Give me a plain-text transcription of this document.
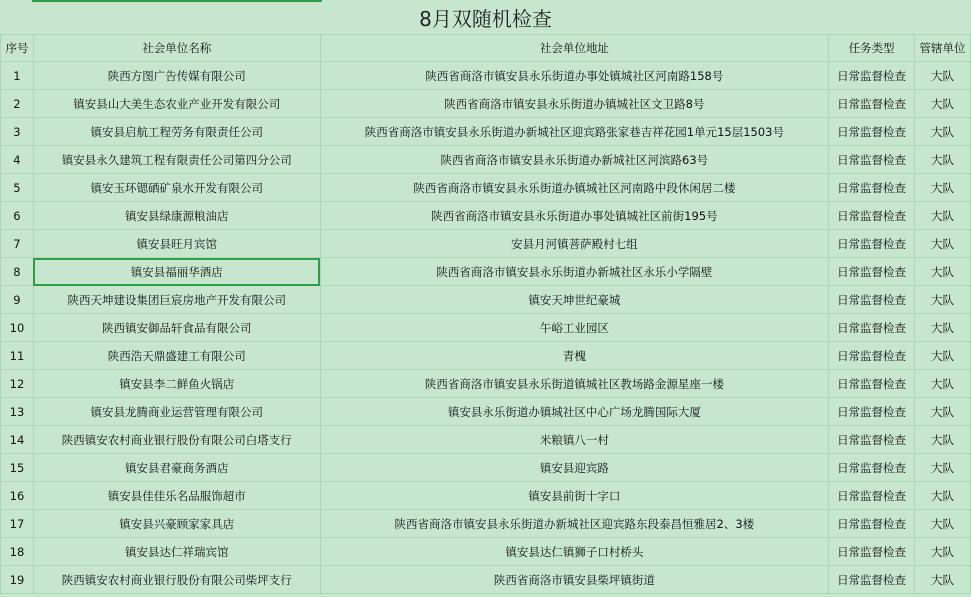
8月双随机检查
序号	社会单位名称	社会单位地址	任务类型	管辖单位
1	陕西方图广告传媒有限公司	陕西省商洛市镇安县永乐街道办事处镇城社区河南路158号	日常监督检查	大队
2	镇安县山大美生态农业产业开发有限公司	陕西省商洛市镇安县永乐街道办镇城社区文卫路8号	日常监督检查	大队
3	镇安县启航工程劳务有限责任公司	陕西省商洛市镇安县永乐街道办新城社区迎宾路张家巷吉祥花园1单元15层1503号	日常监督检查	大队
4	镇安县永久建筑工程有限责任公司第四分公司	陕西省商洛市镇安县永乐街道办新城社区河滨路63号	日常监督检查	大队
5	镇安玉环锶硒矿泉水开发有限公司	陕西省商洛市镇安县永乐街道办镇城社区河南路中段休闲居二楼	日常监督检查	大队
6	镇安县绿康源粮油店	陕西省商洛市镇安县永乐街道办事处镇城社区前街195号	日常监督检查	大队
7	镇安县旺月宾馆	安县月河镇菩萨殿村七组	日常监督检查	大队
8	镇安县福丽华酒店	陕西省商洛市镇安县永乐街道办新城社区永乐小学隔壁	日常监督检查	大队
9	陕西天坤建设集团巨宸房地产开发有限公司	镇安天坤世纪豪城	日常监督检查	大队
10	陕西镇安御品轩食品有限公司	午峪工业园区	日常监督检查	大队
11	陕西浩天鼎盛建工有限公司	青槐	日常监督检查	大队
12	镇安县李二鲜鱼火锅店	陕西省商洛市镇安县永乐街道镇城社区教场路金源星座一楼	日常监督检查	大队
13	镇安县龙腾商业运营管理有限公司	镇安县永乐街道办镇城社区中心广场龙腾国际大厦	日常监督检查	大队
14	陕西镇安农村商业银行股份有限公司白塔支行	米粮镇八一村	日常监督检查	大队
15	镇安县君豪商务酒店	镇安县迎宾路	日常监督检查	大队
16	镇安县佳佳乐名品服饰超市	镇安县前街十字口	日常监督检查	大队
17	镇安县兴豪顾家家具店	陕西省商洛市镇安县永乐街道办新城社区迎宾路东段泰昌恒雅居2、3楼	日常监督检查	大队
18	镇安县达仁祥瑞宾馆	镇安县达仁镇狮子口村桥头	日常监督检查	大队
19	陕西镇安农村商业银行股份有限公司柴坪支行	陕西省商洛市镇安县柴坪镇街道	日常监督检查	大队
